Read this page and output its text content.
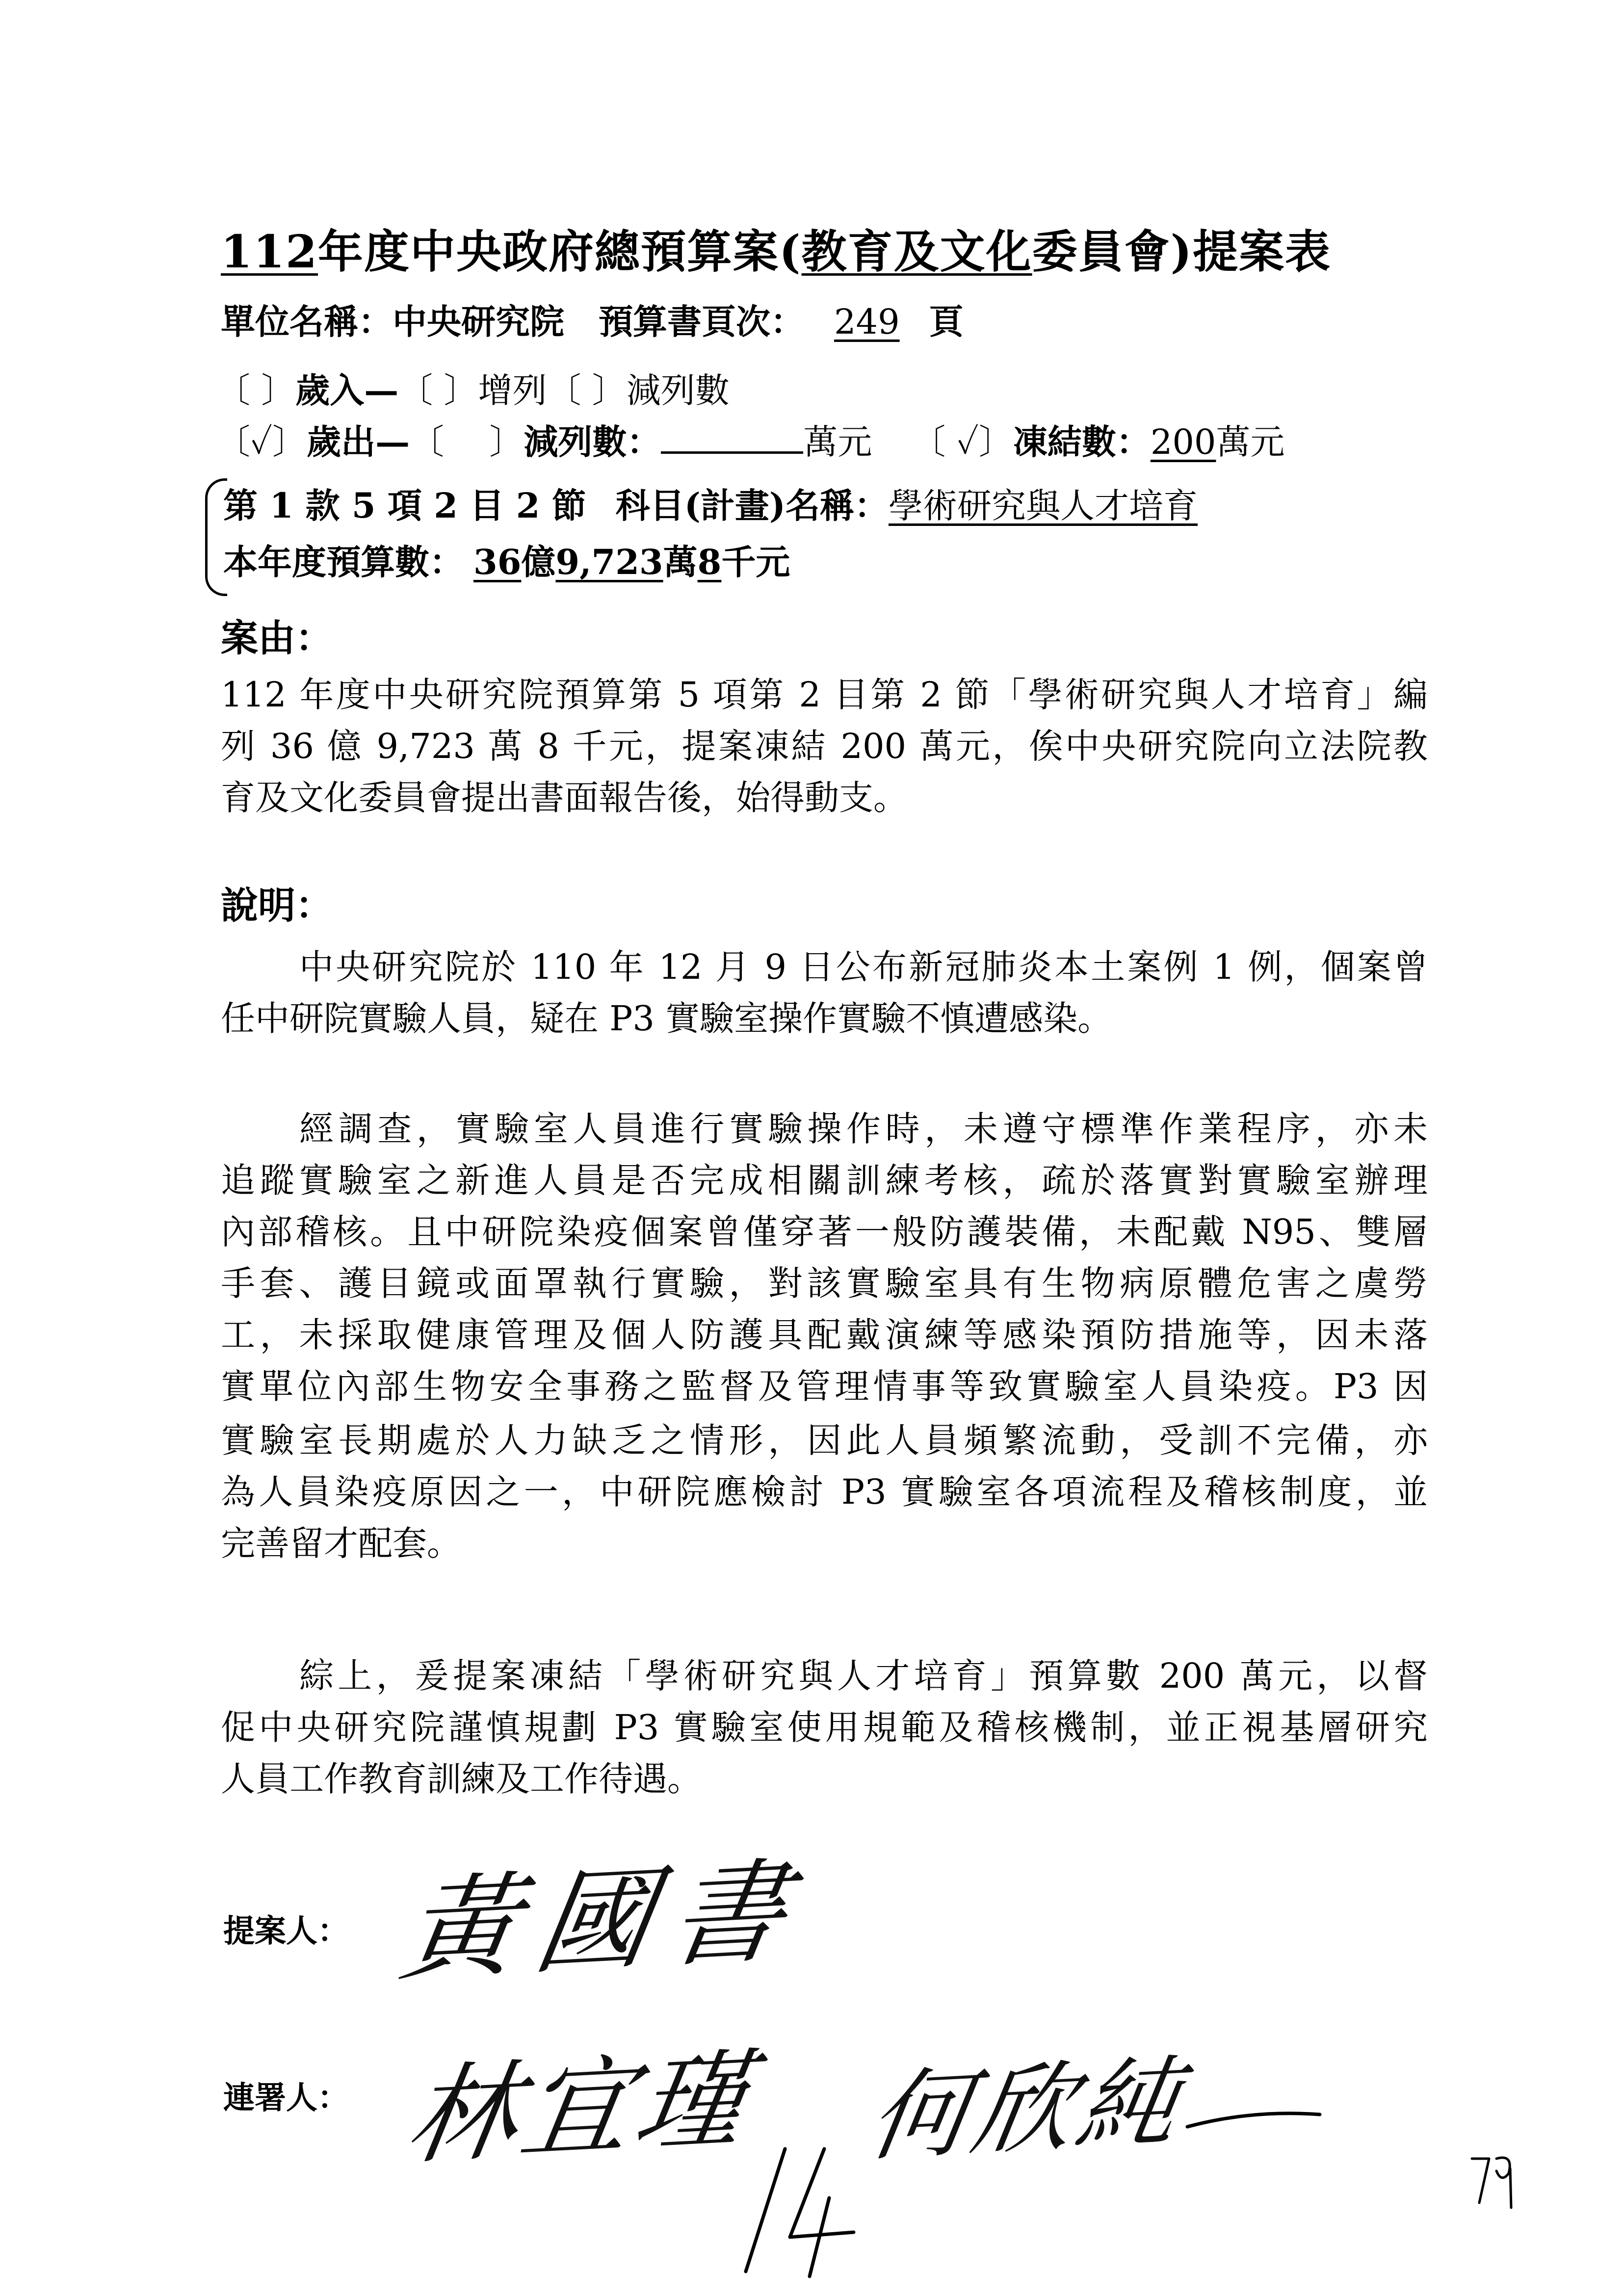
112年度中央政府總預算案(教育及文化委員會)提案表
單位名稱：中央研究院 預算書頁次： 249 頁
〔 〕歲入—〔 〕增列〔 〕減列數
〔✓〕歲出—〔　 〕減列數：	萬元 〔 ✓〕凍結數：200萬元
第 1 款 5 項 2 目 2 節 科目(計畫)名稱：學術研究與人才培育
本年度預算數： 36億9,723萬8千元
案由：
112 年度中央研究院預算第 5 項第 2 目第 2 節「學術研究與人才培育」編
列 36 億 9,723 萬 8 千元，提案凍結 200 萬元，俟中央研究院向立法院教
育及文化委員會提出書面報告後，始得動支。
說明：
中央研究院於 110 年 12 月 9 日公布新冠肺炎本土案例 1 例，個案曾
任中研院實驗人員，疑在 P3 實驗室操作實驗不慎遭感染。
經調查，實驗室人員進行實驗操作時，未遵守標準作業程序，亦未
追蹤實驗室之新進人員是否完成相關訓練考核，疏於落實對實驗室辦理
內部稽核。且中研院染疫個案曾僅穿著一般防護裝備，未配戴 N95、雙層
手套、護目鏡或面罩執行實驗，對該實驗室具有生物病原體危害之虞勞
工，未採取健康管理及個人防護具配戴演練等感染預防措施等，因未落
實單位內部生物安全事務之監督及管理情事等致實驗室人員染疫。P3 因
實驗室長期處於人力缺乏之情形，因此人員頻繁流動，受訓不完備，亦
為人員染疫原因之一，中研院應檢討 P3 實驗室各項流程及稽核制度，並
完善留才配套。
綜上，爰提案凍結「學術研究與人才培育」預算數 200 萬元，以督
促中央研究院謹慎規劃 P3 實驗室使用規範及稽核機制，並正視基層研究
人員工作教育訓練及工作待遇。
提案人：
連署人：
黃國書
林宜瑾 何欣純
